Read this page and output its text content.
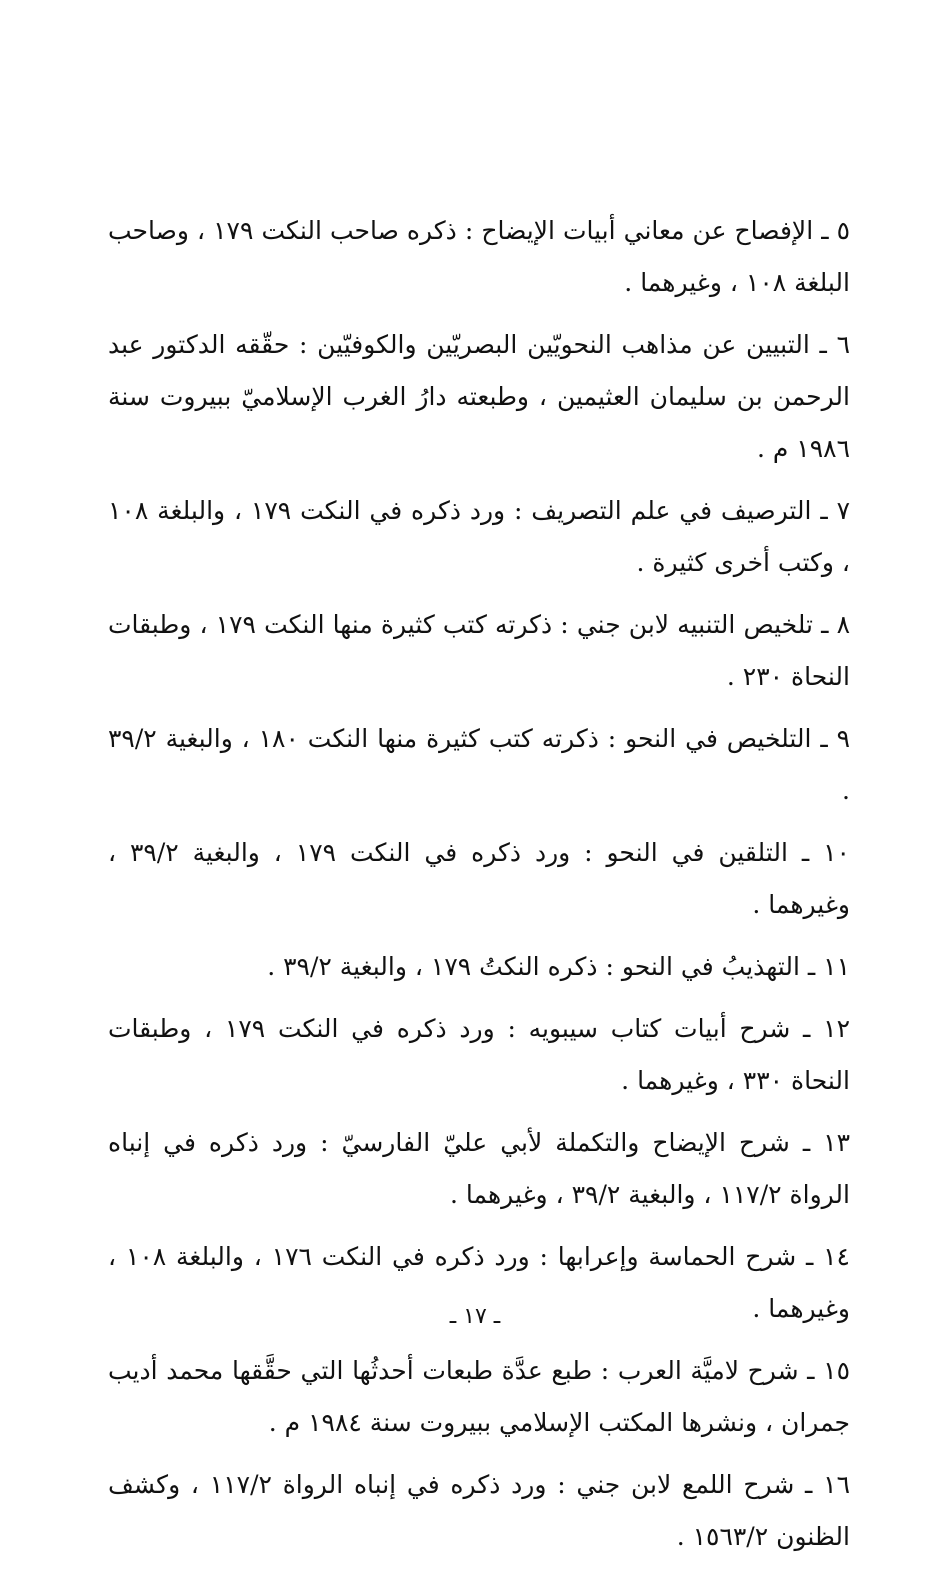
٥ ـ الإفصاح عن معاني أبيات الإيضاح : ذكره صاحب النكت ١٧٩ ، وصاحب البلغة ١٠٨ ، وغيرهما .

٦ ـ التبيين عن مذاهب النحويّين البصريّين والكوفيّين : حقّقه الدكتور عبد الرحمن بن سليمان العثيمين ، وطبعته دارُ الغرب الإسلاميّ ببيروت سنة ١٩٨٦ م .

٧ ـ الترصيف في علم التصريف : ورد ذكره في النكت ١٧٩ ، والبلغة ١٠٨ ، وكتب أخرى كثيرة .

٨ ـ تلخيص التنبيه لابن جني : ذكرته كتب كثيرة منها النكت ١٧٩ ، وطبقات النحاة ٢٣٠ .

٩ ـ التلخيص في النحو : ذكرته كتب كثيرة منها النكت ١٨٠ ، والبغية ٣٩/٢ .

١٠ ـ التلقين في النحو : ورد ذكره في النكت ١٧٩ ، والبغية ٣٩/٢ ، وغيرهما .

١١ ـ التهذيبُ في النحو : ذكره النكتُ ١٧٩ ، والبغية ٣٩/٢ .

١٢ ـ شرح أبيات كتاب سيبويه : ورد ذكره في النكت ١٧٩ ، وطبقات النحاة ٣٣٠ ، وغيرهما .

١٣ ـ شرح الإيضاح والتكملة لأبي عليّ الفارسيّ : ورد ذكره في إنباه الرواة ١١٧/٢ ، والبغية ٣٩/٢ ، وغيرهما .

١٤ ـ شرح الحماسة وإعرابها : ورد ذكره في النكت ١٧٦ ، والبلغة ١٠٨ ، وغيرهما .

١٥ ـ شرح لاميَّة العرب : طبع عدَّة طبعات أحدثُها التي حقَّقها محمد أديب جمران ، ونشرها المكتب الإسلامي ببيروت سنة ١٩٨٤ م .

١٦ ـ شرح اللمع لابن جني : ورد ذكره في إنباه الرواة ١١٧/٢ ، وكشف الظنون ١٥٦٣/٢ .

ـ ١٧ ـ
